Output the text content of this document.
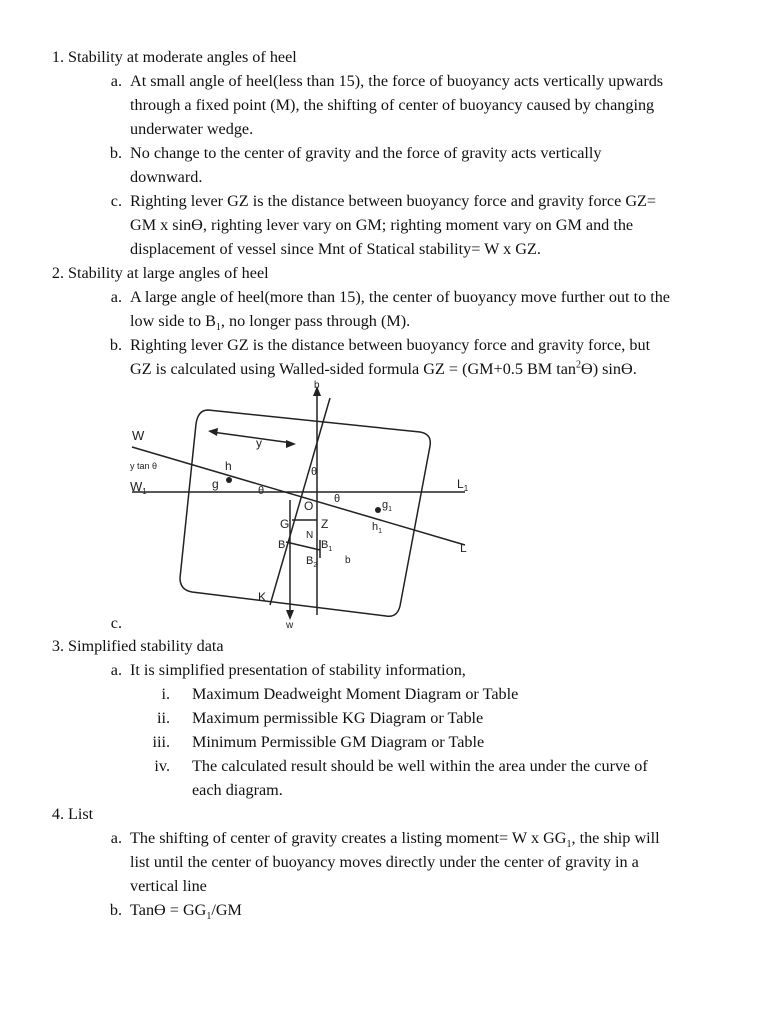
1. Stability at moderate angles of heel
a. At small angle of heel(less than 15), the force of buoyancy acts vertically upwards
through a fixed point (M), the shifting of center of buoyancy caused by changing
underwater wedge.
b. No change to the center of gravity and the force of gravity acts vertically
downward.
c. Righting lever GZ is the distance between buoyancy force and gravity force GZ=
GM x sinϴ, righting lever vary on GM; righting moment vary on GM and the
displacement of vessel since Mnt of Statical stability= W x GZ.
2. Stability at large angles of heel
a. A large angle of heel(more than 15), the center of buoyancy move further out to the
low side to $B_1$, no longer pass through (M).
b. Righting lever GZ is the distance between buoyancy force and gravity force, but
GZ is calculated using Walled-sided formula GZ = (GM+0.5 BM $\tan^2ϴ$) sinϴ.
W
y tan θ
$W_1$
y
h
g	θ
θ
θ
O
G	Z
B	$B_1$
$B_2$
N
b
b
L
$L_1$
$g_1$
$h_1$
K
w
c.
3. Simplified stability data
a. It is simplified presentation of stability information,
i. Maximum Deadweight Moment Diagram or Table
ii. Maximum permissible KG Diagram or Table
iii. Minimum Permissible GM Diagram or Table
iv. The calculated result should be well within the area under the curve of
each diagram.
4. List
a. The shifting of center of gravity creates a listing moment= W x $GG_1$, the ship will
list until the center of buoyancy moves directly under the center of gravity in a
vertical line
b. $Tanϴ = GG_1/GM$
